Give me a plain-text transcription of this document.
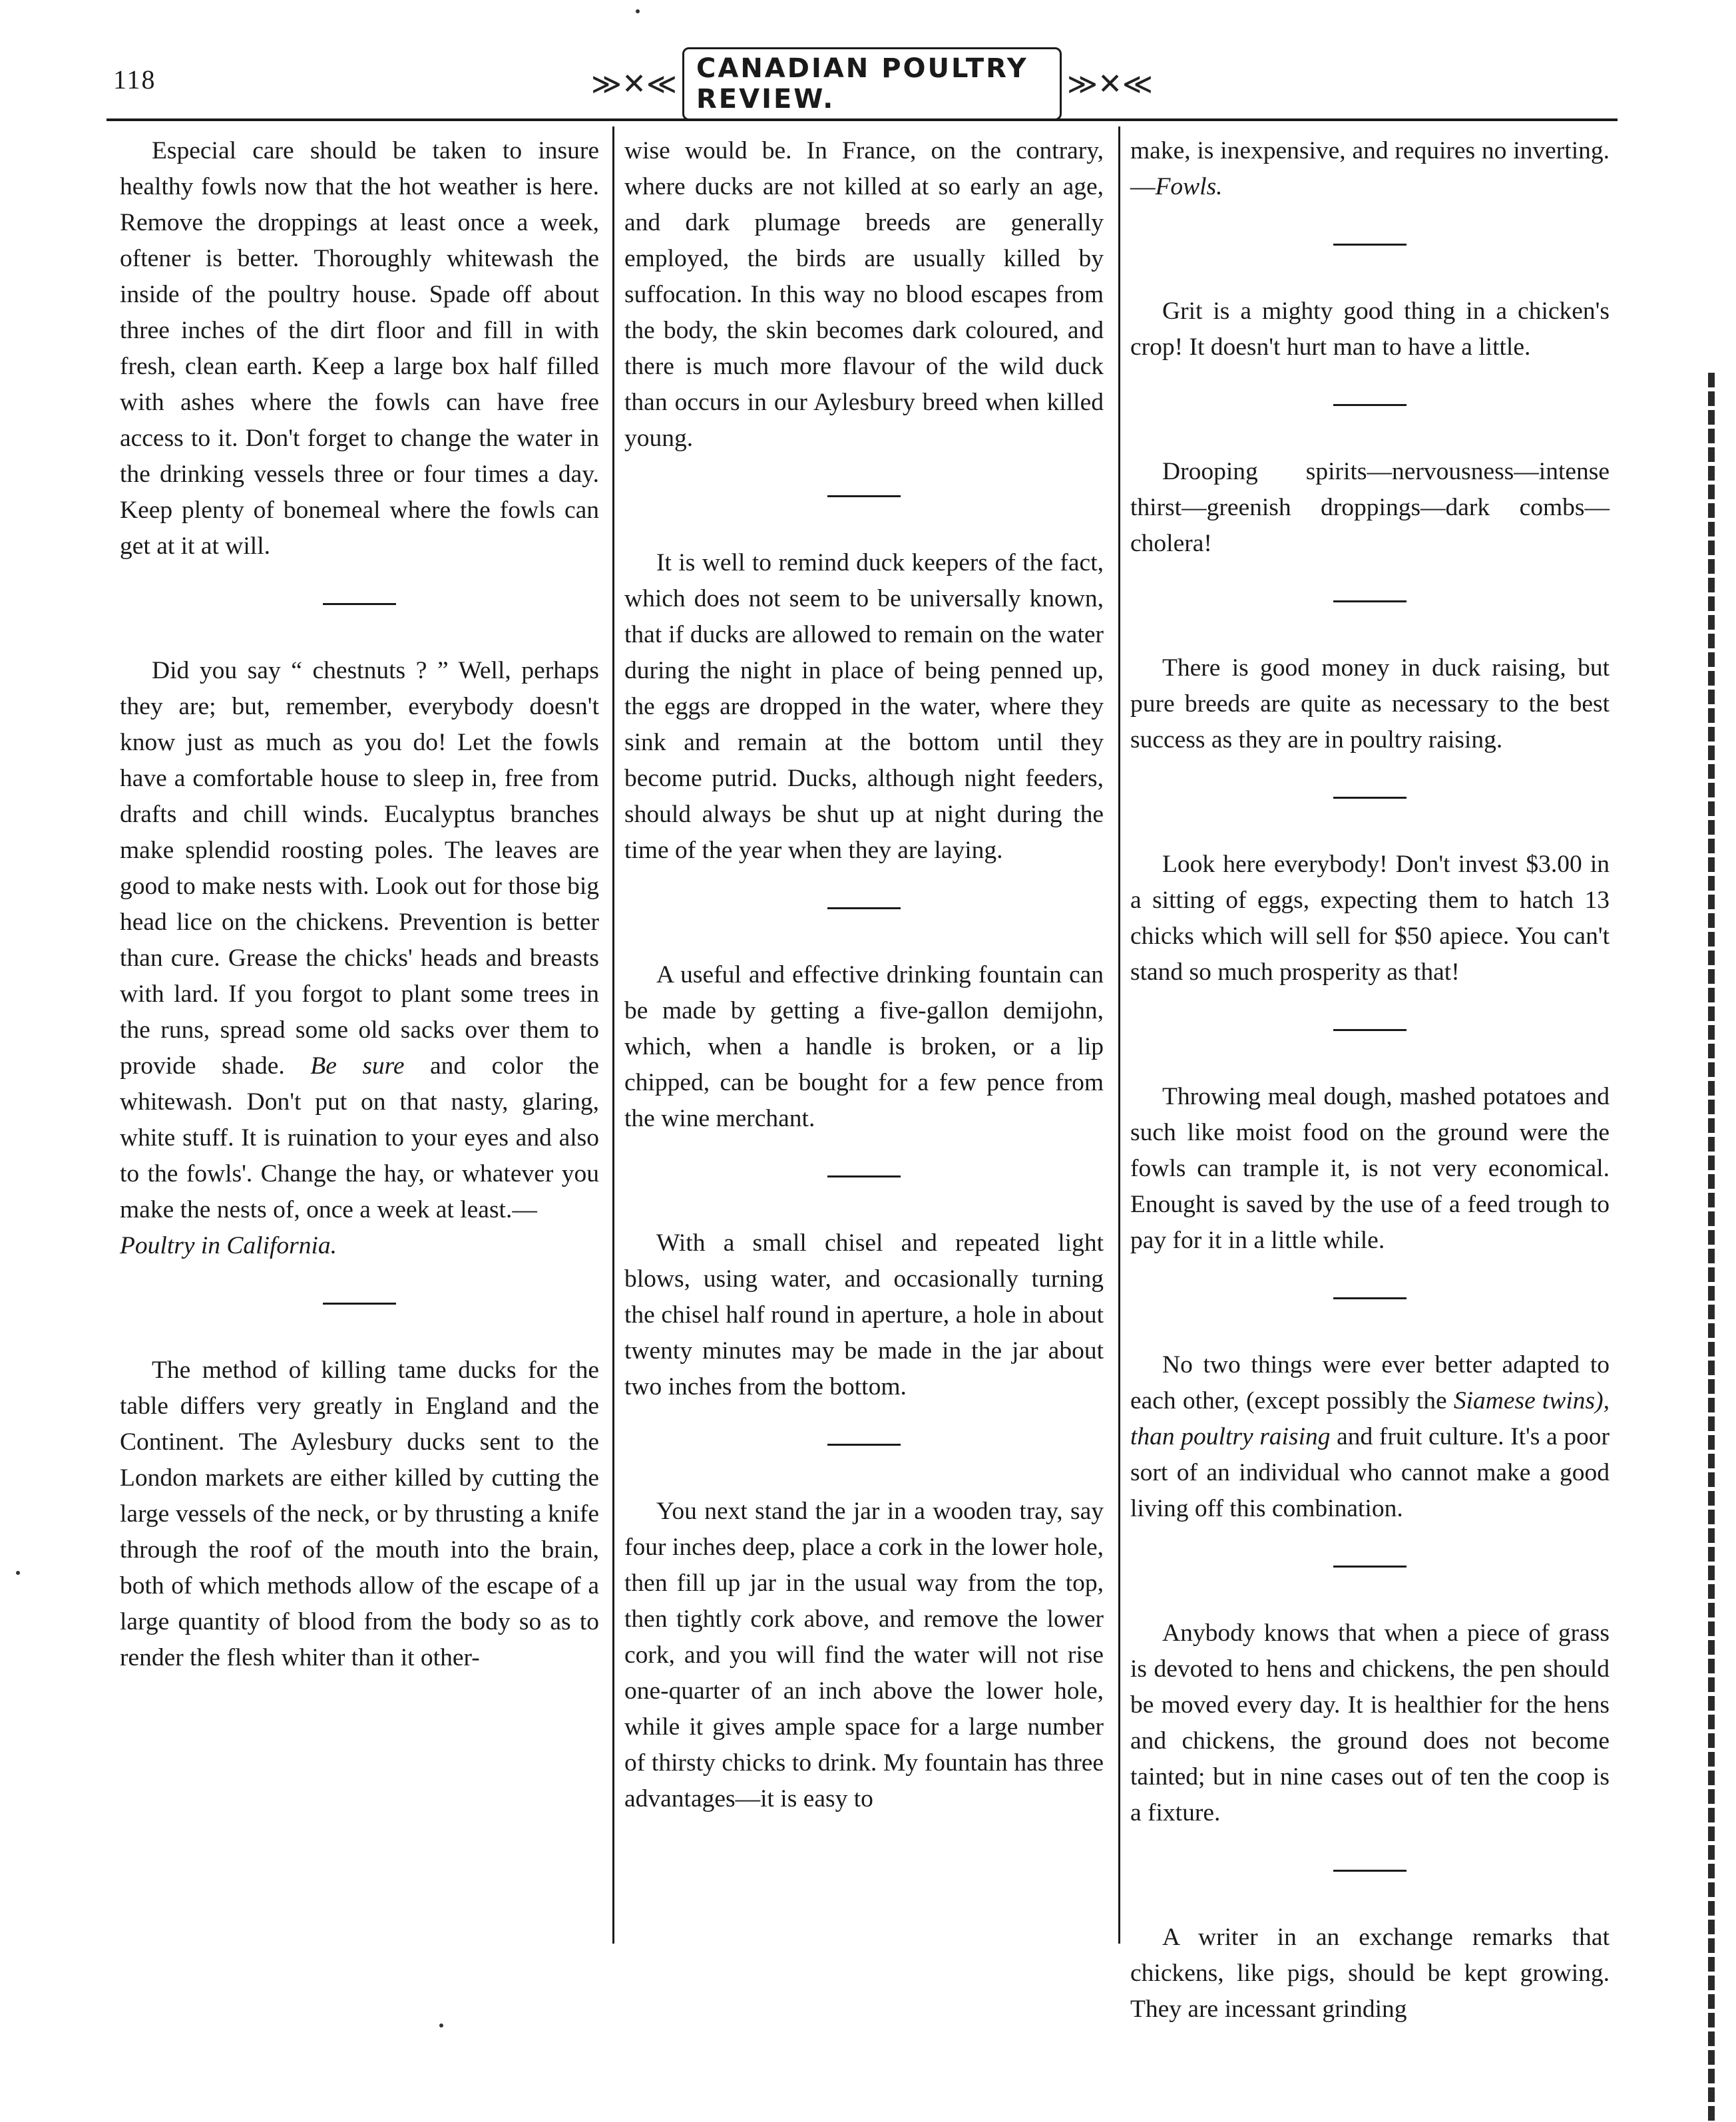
118	≫✕≪ CANADIAN POULTRY REVIEW.	≫✕≪

Especial care should be taken to insure healthy fowls now that the hot weather is here. Remove the droppings at least once a week, oftener is better. Thoroughly whitewash the inside of the poultry house. Spade off about three inches of the dirt floor and fill in with fresh, clean earth. Keep a large box half filled with ashes where the fowls can have free access to it. Don't forget to change the water in the drinking vessels three or four times a day. Keep plenty of bonemeal where the fowls can get at it at will.

Did you say “ chestnuts ? ” Well, perhaps they are; but, remember, everybody doesn't know just as much as you do! Let the fowls have a comfortable house to sleep in, free from drafts and chill winds. Eucalyptus branches make splendid roosting poles. The leaves are good to make nests with. Look out for those big head lice on the chickens. Prevention is better than cure. Grease the chicks' heads and breasts with lard. If you forgot to plant some trees in the runs, spread some old sacks over them to provide shade. Be sure and color the whitewash. Don't put on that nasty, glaring, white stuff. It is ruination to your eyes and also to the fowls'. Change the hay, or whatever you make the nests of, once a week at least.—
Poultry in California.

The method of killing tame ducks for the table differs very greatly in England and the Continent. The Aylesbury ducks sent to the London markets are either killed by cutting the large vessels of the neck, or by thrusting a knife through the roof of the mouth into the brain, both of which methods allow of the escape of a large quantity of blood from the body so as to render the flesh whiter than it other-

wise would be. In France, on the contrary, where ducks are not killed at so early an age, and dark plumage breeds are generally employed, the birds are usually killed by suffocation. In this way no blood escapes from the body, the skin becomes dark coloured, and there is much more flavour of the wild duck than occurs in our Aylesbury breed when killed young.

It is well to remind duck keepers of the fact, which does not seem to be universally known, that if ducks are allowed to remain on the water during the night in place of being penned up, the eggs are dropped in the water, where they sink and remain at the bottom until they become putrid. Ducks, although night feeders, should always be shut up at night during the time of the year when they are laying.

A useful and effective drinking fountain can be made by getting a five-gallon demijohn, which, when a handle is broken, or a lip chipped, can be bought for a few pence from the wine merchant.

With a small chisel and repeated light blows, using water, and occasionally turning the chisel half round in aperture, a hole in about twenty minutes may be made in the jar about two inches from the bottom.

You next stand the jar in a wooden tray, say four inches deep, place a cork in the lower hole, then fill up jar in the usual way from the top, then tightly cork above, and remove the lower cork, and you will find the water will not rise one-quarter of an inch above the lower hole, while it gives ample space for a large number of thirsty chicks to drink. My fountain has three advantages—it is easy to

make, is inexpensive, and requires no inverting.—Fowls.

Grit is a mighty good thing in a chicken's crop! It doesn't hurt man to have a little.

Drooping spirits—nervousness—intense thirst—greenish droppings—dark combs—cholera!

There is good money in duck raising, but pure breeds are quite as necessary to the best success as they are in poultry raising.

Look here everybody! Don't invest $3.00 in a sitting of eggs, expecting them to hatch 13 chicks which will sell for $50 apiece. You can't stand so much prosperity as that!

Throwing meal dough, mashed potatoes and such like moist food on the ground were the fowls can trample it, is not very economical. Enought is saved by the use of a feed trough to pay for it in a little while.

No two things were ever better adapted to each other, (except possibly the Siamese twins), than poultry raising and fruit culture. It's a poor sort of an individual who cannot make a good living off this combination.

Anybody knows that when a piece of grass is devoted to hens and chickens, the pen should be moved every day. It is healthier for the hens and chickens, the ground does not become tainted; but in nine cases out of ten the coop is a fixture.

A writer in an exchange remarks that chickens, like pigs, should be kept growing. They are incessant grinding
